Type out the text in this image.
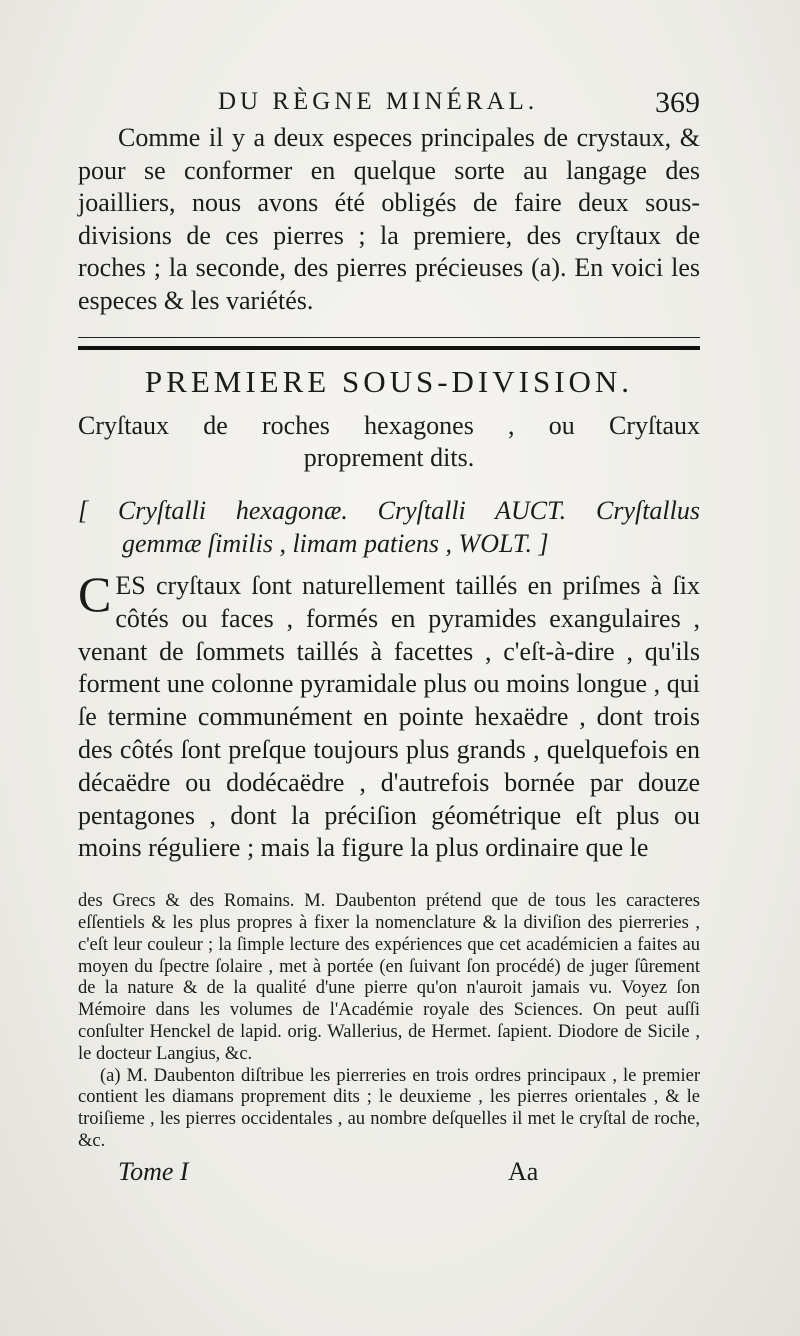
DU RÈGNE MINÉRAL.	369

Comme il y a deux especes principales de crystaux, & pour se conformer en quelque sorte au langage des joailliers, nous avons été obligés de faire deux sous-divisions de ces pierres ; la premiere, des cryſtaux de roches ; la seconde, des pierres précieuses (a). En voici les especes & les variétés.

PREMIERE SOUS-DIVISION.

Cryſtaux de roches hexagones , ou Cryſtaux
proprement dits.

[ Cryſtalli hexagonæ. Cryſtalli AUCT. Cryſtallus
gemmæ ſimilis , limam patiens , WOLT. ]

CES cryſtaux ſont naturellement taillés en priſmes à ſix côtés ou faces , formés en pyramides exangulaires , venant de ſommets taillés à facettes , c'eſt-à-dire , qu'ils forment une colonne pyramidale plus ou moins longue , qui ſe termine communément en pointe hexaëdre , dont trois des côtés ſont preſque toujours plus grands , quelquefois en décaëdre ou dodécaëdre , d'autrefois bornée par douze pentagones , dont la préciſion géométrique eſt plus ou moins réguliere ; mais la figure la plus ordinaire que le

des Grecs & des Romains. M. Daubenton prétend que de tous les caracteres eſſentiels & les plus propres à fixer la nomenclature & la diviſion des pierreries , c'eſt leur couleur ; la ſimple lecture des expériences que cet académicien a faites au moyen du ſpectre ſolaire , met à portée (en ſuivant ſon procédé) de juger ſûrement de la nature & de la qualité d'une pierre qu'on n'auroit jamais vu. Voyez ſon Mémoire dans les volumes de l'Académie royale des Sciences. On peut auſſi conſulter Henckel de lapid. orig. Wallerius, de Hermet. ſapient. Diodore de Sicile , le docteur Langius, &c.

(a) M. Daubenton diſtribue les pierreries en trois ordres principaux , le premier contient les diamans proprement dits ; le deuxieme , les pierres orientales , & le troiſieme , les pierres occidentales , au nombre deſquelles il met le cryſtal de roche, &c.

Tome I	Aa
